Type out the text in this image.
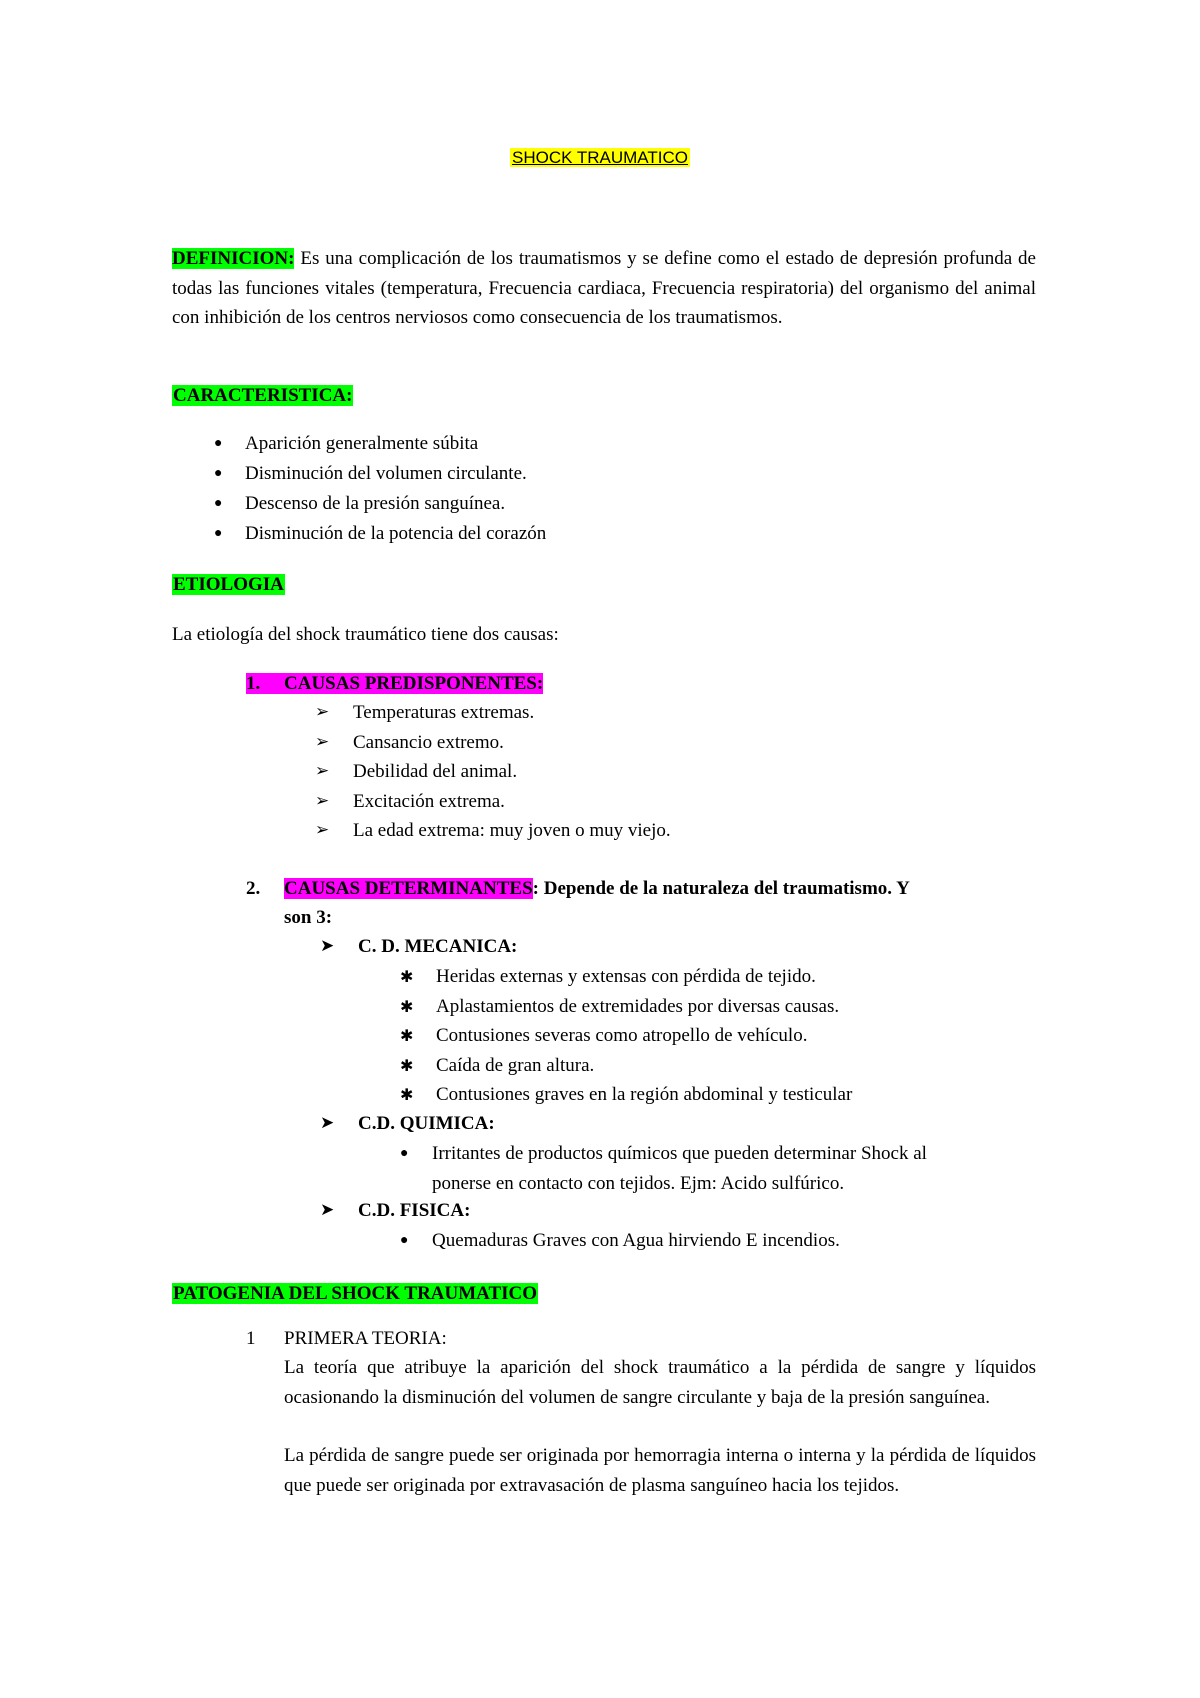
SHOCK TRAUMATICO
DEFINICION: Es una complicación de los traumatismos y se define como el estado de depresión profunda de todas las funciones vitales (temperatura, Frecuencia cardiaca, Frecuencia respiratoria) del organismo del animal con inhibición de los centros nerviosos como consecuencia de los traumatismos.
CARACTERISTICA:
● Aparición generalmente súbita
● Disminución del volumen circulante.
● Descenso de la presión sanguínea.
● Disminución de la potencia del corazón
ETIOLOGIA
La etiología del shock traumático tiene dos causas:
1. CAUSAS PREDISPONENTES:
➢ Temperaturas extremas.
➢ Cansancio extremo.
➢ Debilidad del animal.
➢ Excitación extrema.
➢ La edad extrema: muy joven o muy viejo.
2. CAUSAS DETERMINANTES: Depende de la naturaleza del traumatismo. Y
son 3:
➤ C. D. MECANICA:
✱ Heridas externas y extensas con pérdida de tejido.
✱ Aplastamientos de extremidades por diversas causas.
✱ Contusiones severas como atropello de vehículo.
✱ Caída de gran altura.
✱ Contusiones graves en la región abdominal y testicular
➤ C.D. QUIMICA:
● Irritantes de productos químicos que pueden determinar Shock al
ponerse en contacto con tejidos. Ejm: Acido sulfúrico.
➤ C.D. FISICA:
● Quemaduras Graves con Agua hirviendo E incendios.
PATOGENIA DEL SHOCK TRAUMATICO
1	PRIMERA TEORIA:
La teoría que atribuye la aparición del shock traumático a la pérdida de sangre y líquidos ocasionando la disminución del volumen de sangre circulante y baja de la presión sanguínea.
La pérdida de sangre puede ser originada por hemorragia interna o interna y la pérdida de líquidos que puede ser originada por extravasación de plasma sanguíneo hacia los tejidos.
